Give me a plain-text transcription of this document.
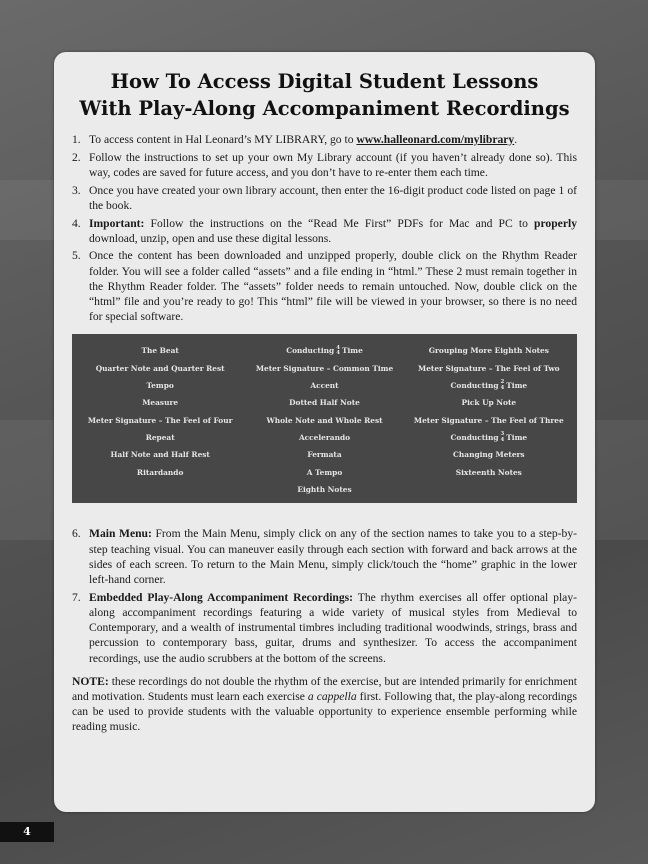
How To Access Digital Student Lessons
With Play-Along Accompaniment Recordings
1. To access content in Hal Leonard’s MY LIBRARY, go to www.halleonard.com/mylibrary.
2. Follow the instructions to set up your own My Library account (if you haven’t already done so). This way, codes are saved for future access, and you don’t have to re-enter them each time.
3. Once you have created your own library account, then enter the 16-digit product code listed on page 1 of the book.
4. Important: Follow the instructions on the “Read Me First” PDFs for Mac and PC to properly download, unzip, open and use these digital lessons.
5. Once the content has been downloaded and unzipped properly, double click on the Rhythm Reader folder. You will see a folder called “assets” and a file ending in “html.” These 2 must remain together in the Rhythm Reader folder. The “assets” folder needs to remain untouched. Now, double click on the “html” file and you’re ready to go! This “html” file will be viewed in your browser, so there is no need for special software.
The Beat
Quarter Note and Quarter Rest
Tempo
Measure
Meter Signature – The Feel of Four
Repeat
Half Note and Half Rest
Ritardando
Conducting 4
4 Time
Meter Signature – Common Time
Accent
Dotted Half Note
Whole Note and Whole Rest
Accelerando
Fermata
A Tempo
Eighth Notes
Grouping More Eighth Notes
Meter Signature – The Feel of Two
Conducting 2
4 Time
Pick Up Note
Meter Signature – The Feel of Three
Conducting 3
4 Time
Changing Meters
Sixteenth Notes
6. Main Menu: From the Main Menu, simply click on any of the section names to take you to a step-by-step teaching visual. You can maneuver easily through each section with forward and back arrows at the sides of each screen. To return to the Main Menu, simply click/touch the “home” graphic in the lower left-hand corner.
7. Embedded Play-Along Accompaniment Recordings: The rhythm exercises all offer optional play-along accompaniment recordings featuring a wide variety of musical styles from Medieval to Contemporary, and a wealth of instrumental timbres including traditional woodwinds, strings, brass and percussion to contemporary bass, guitar, drums and synthesizer. To access the accompaniment recordings, use the audio scrubbers at the bottom of the screens.

NOTE: these recordings do not double the rhythm of the exercise, but are intended primarily for enrichment and motivation. Students must learn each exercise a cappella first. Following that, the play-along recordings can be used to provide students with the valuable opportunity to experience ensemble performing while reading music.

4
